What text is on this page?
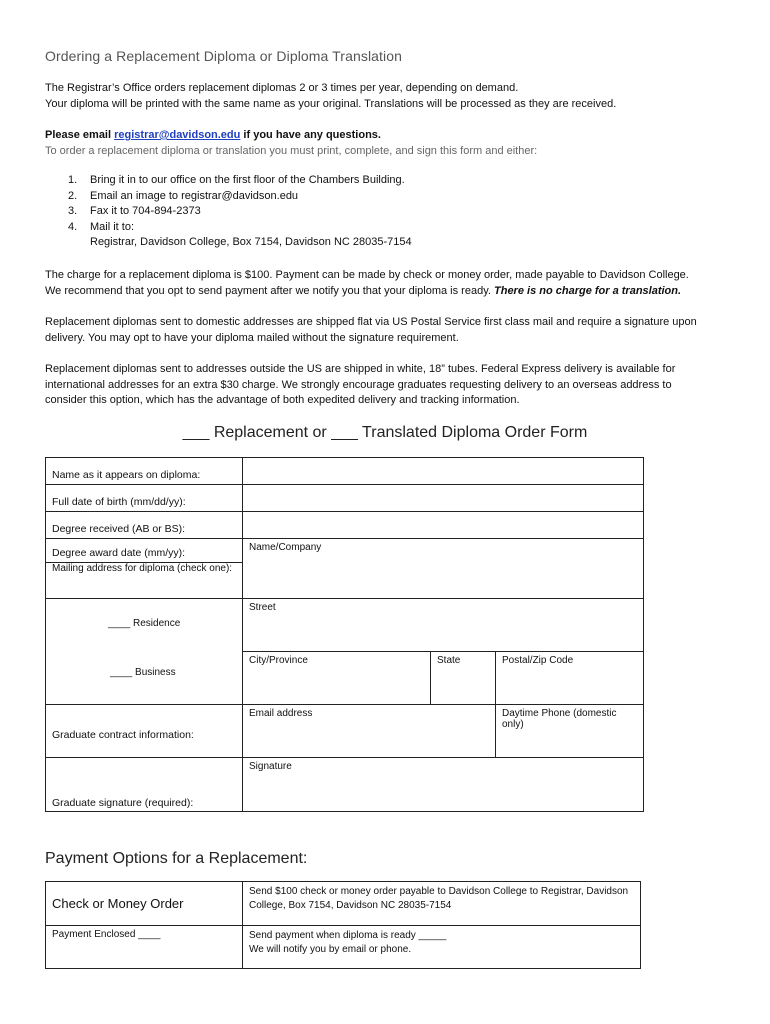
Ordering a Replacement Diploma or Diploma Translation
The Registrar’s Office orders replacement diplomas 2 or 3 times per year, depending on demand.
Your diploma will be printed with the same name as your original. Translations will be processed as they are received.
Please email registrar@davidson.edu if you have any questions.
To order a replacement diploma or translation you must print, complete, and sign this form and either:
1.	Bring it in to our office on the first floor of the Chambers Building.
2.	Email an image to registrar@davidson.edu
3.	Fax it to 704-894-2373
4.	Mail it to:
Registrar, Davidson College, Box 7154, Davidson NC 28035-7154
The charge for a replacement diploma is $100. Payment can be made by check or money order, made payable to Davidson College.
We recommend that you opt to send payment after we notify you that your diploma is ready. There is no charge for a translation.
Replacement diplomas sent to domestic addresses are shipped flat via US Postal Service first class mail and require a signature upon
delivery. You may opt to have your diploma mailed without the signature requirement.
Replacement diplomas sent to addresses outside the US are shipped in white, 18” tubes. Federal Express delivery is available for
international addresses for an extra $30 charge. We strongly encourage graduates requesting delivery to an overseas address to
consider this option, which has the advantage of both expedited delivery and tracking information.
___ Replacement or ___ Translated Diploma Order Form
Name as it appears on diploma:			
Full date of birth (mm/dd/yy):			
Degree received (AB or BS):			
Degree award date (mm/yy):	Name/Company		
Mailing address for diploma (check one):			

____ Residence
____ Business	Street		
	City/Province	State	Postal/Zip Code
Graduate contract information:	Email address		Daytime Phone (domestic only)
Graduate signature (required):	Signature		
Payment Options for a Replacement:
Check or Money Order	Send $100 check or money order payable to Davidson College to Registrar, Davidson College, Box 7154, Davidson NC 28035-7154
Payment Enclosed ____	Send payment when diploma is ready _____
We will notify you by email or phone.
